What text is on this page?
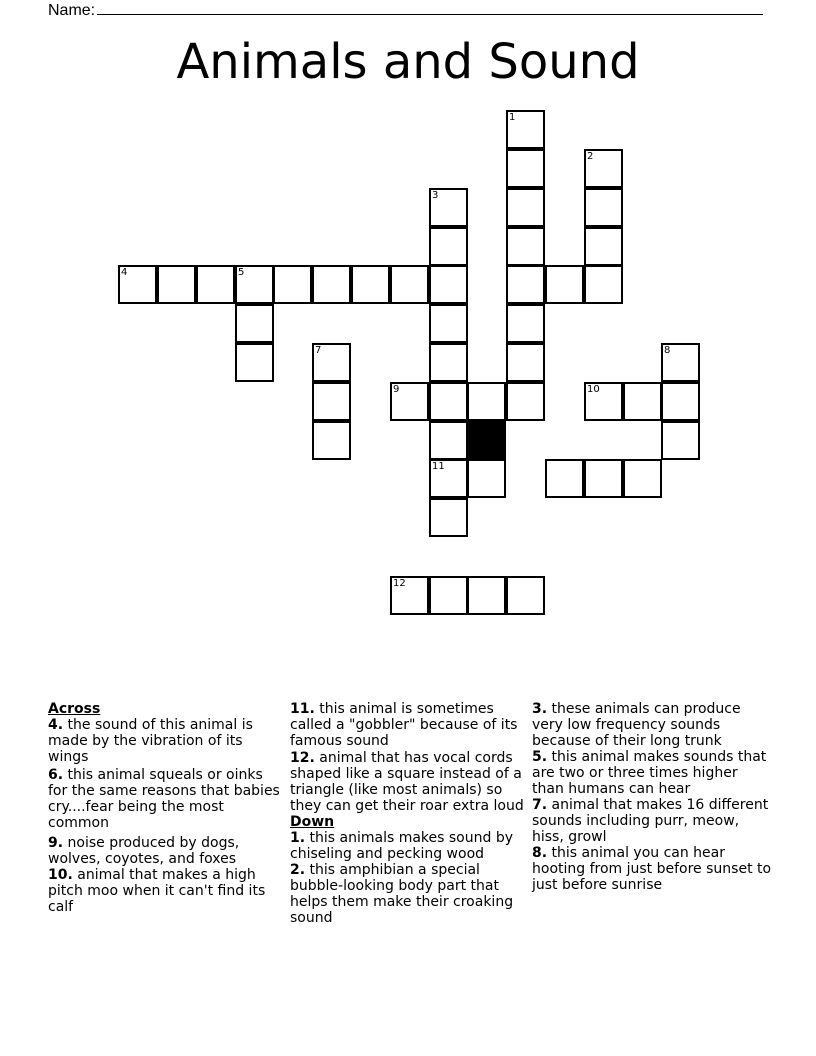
Name:
Animals and Sound
1
2
3
11
4	5
7	8
9	10
12

Across

4. the sound of this animal is made by the vibration of its wings

6. this animal squeals or oinks for the same reasons that babies cry....fear being the most common

9. noise produced by dogs, wolves, coyotes, and foxes

10. animal that makes a high pitch moo when it can't find its calf

11. this animal is sometimes called a "gobbler" because of its famous sound

12. animal that has vocal cords shaped like a square instead of a triangle (like most animals) so they can get their roar extra loud

Down

1. this animals makes sound by chiseling and pecking wood

2. this amphibian a special bubble-looking body part that helps them make their croaking sound

3. these animals can produce very low frequency sounds because of their long trunk

5. this animal makes sounds that are two or three times higher than humans can hear

7. animal that makes 16 different sounds including purr, meow, hiss, growl

8. this animal you can hear hooting from just before sunset to just before sunrise
